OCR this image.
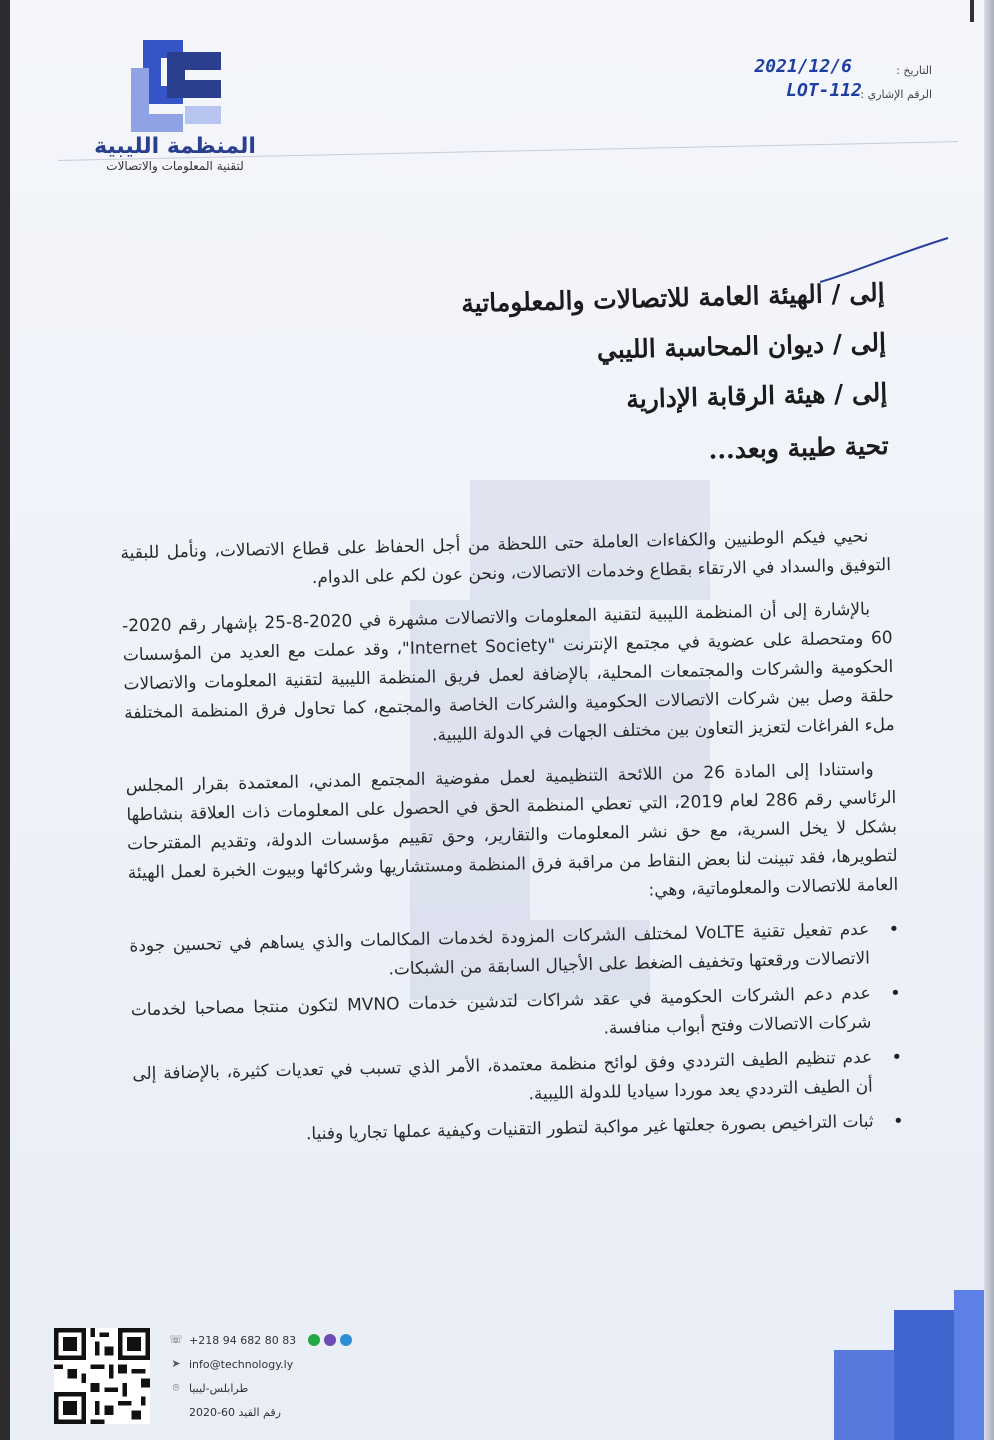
المنظمة الليبية
لتقنية المعلومات والاتصالات
التاريخ :
2021/12/6
الرقم الإشاري :
LOT-112
إلى / الهيئة العامة للاتصالات والمعلوماتية
إلى / ديوان المحاسبة الليبي
إلى / هيئة الرقابة الإدارية
تحية طيبة وبعد...

نحيي فيكم الوطنيين والكفاءات العاملة حتى اللحظة من أجل الحفاظ على قطاع الاتصالات، ونأمل للبقية التوفيق والسداد في الارتقاء بقطاع وخدمات الاتصالات، ونحن عون لكم على الدوام.

بالإشارة إلى أن المنظمة الليبية لتقنية المعلومات والاتصالات مشهرة في 2020-8-25 بإشهار رقم 2020-60 ومتحصلة على عضوية في مجتمع الإنترنت "Internet Society"، وقد عملت مع العديد من المؤسسات الحكومية والشركات والمجتمعات المحلية، بالإضافة لعمل فريق المنظمة الليبية لتقنية المعلومات والاتصالات حلقة وصل بين شركات الاتصالات الحكومية والشركات الخاصة والمجتمع، كما تحاول فرق المنظمة المختلفة ملء الفراغات لتعزيز التعاون بين مختلف الجهات في الدولة الليبية.

واستنادا إلى المادة 26 من اللائحة التنظيمية لعمل مفوضية المجتمع المدني، المعتمدة بقرار المجلس الرئاسي رقم 286 لعام 2019، التي تعطي المنظمة الحق في الحصول على المعلومات ذات العلاقة بنشاطها بشكل لا يخل السرية، مع حق نشر المعلومات والتقارير، وحق تقييم مؤسسات الدولة، وتقديم المقترحات لتطويرها، فقد تبينت لنا بعض النقاط من مراقبة فرق المنظمة ومستشاريها وشركائها وبيوت الخبرة لعمل الهيئة العامة للاتصالات والمعلوماتية، وهي:

• عدم تفعيل تقنية VoLTE لمختلف الشركات المزودة لخدمات المكالمات والذي يساهم في تحسين جودة الاتصالات ورقعتها وتخفيف الضغط على الأجيال السابقة من الشبكات.
• عدم دعم الشركات الحكومية في عقد شراكات لتدشين خدمات MVNO لتكون منتجا مصاحبا لخدمات شركات الاتصالات وفتح أبواب منافسة.
• عدم تنظيم الطيف الترددي وفق لوائح منظمة معتمدة، الأمر الذي تسبب في تعديات كثيرة، بالإضافة إلى أن الطيف الترددي يعد موردا سياديا للدولة الليبية.
• ثبات التراخيص بصورة جعلتها غير مواكبة لتطور التقنيات وكيفية عملها تجاريا وفنيا.
☏ +218 94 682 80 83
➤ info@technology.ly
⌾ طرابلس-ليبيا
رقم القيد 60-2020
